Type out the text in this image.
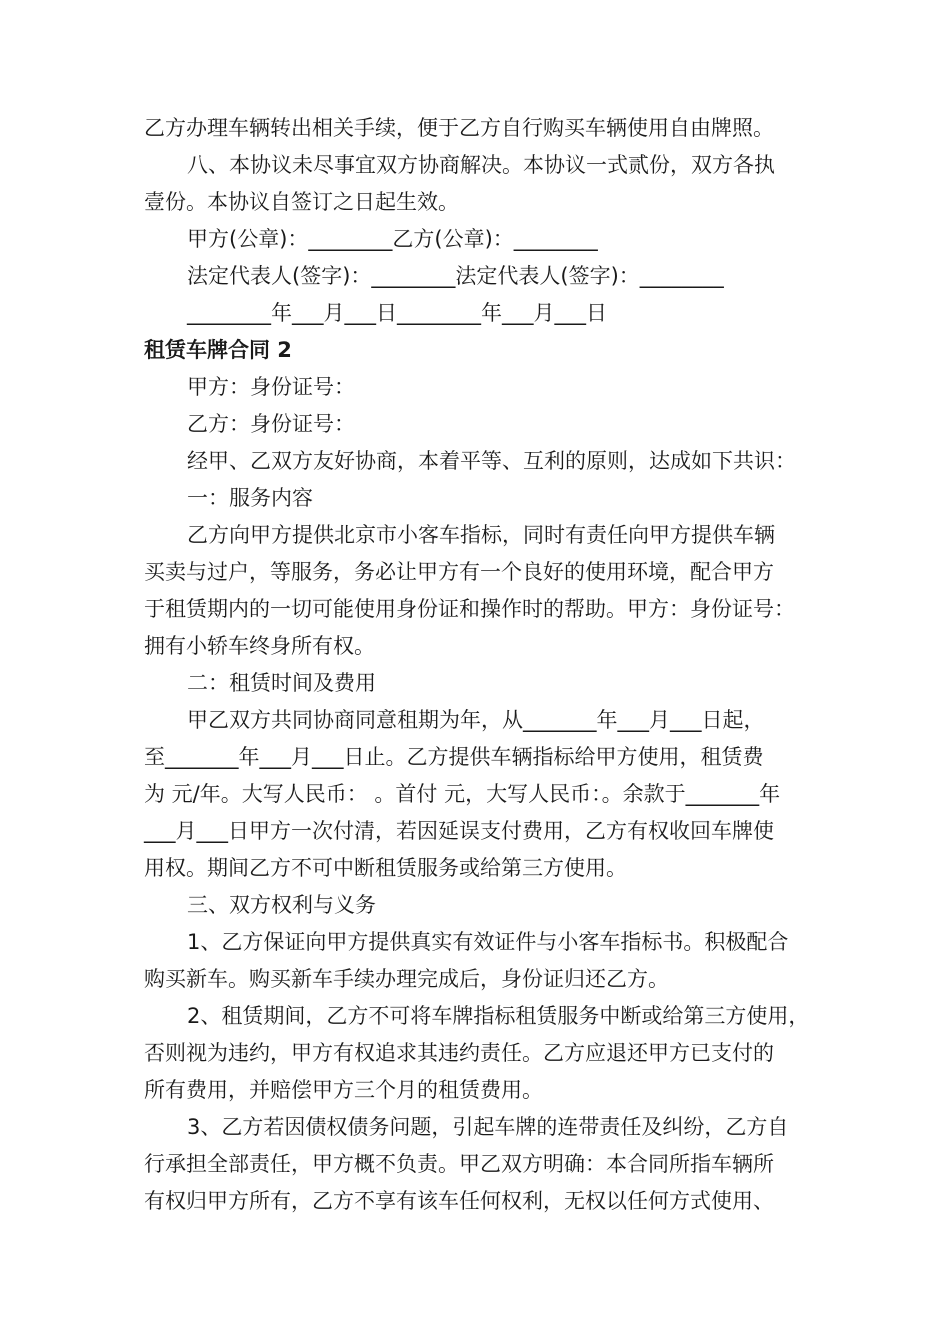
乙方办理车辆转出相关手续，便于乙方自行购买车辆使用自由牌照。
八、本协议未尽事宜双方协商解决。本协议一式贰份，双方各执
壹份。本协议自签订之日起生效。
甲方(公章)：________乙方(公章)：________
法定代表人(签字)：________法定代表人(签字)：________
________年___月___日________年___月___日
租赁车牌合同 2
甲方：身份证号：
乙方：身份证号：
经甲、乙双方友好协商，本着平等、互利的原则，达成如下共识：
一：服务内容
乙方向甲方提供北京市小客车指标，同时有责任向甲方提供车辆
买卖与过户，等服务，务必让甲方有一个良好的使用环境，配合甲方
于租赁期内的一切可能使用身份证和操作时的帮助。甲方：身份证号：
拥有小轿车终身所有权。
二：租赁时间及费用
甲乙双方共同协商同意租期为年，从_______年___月___日起，
至_______年___月___日止。乙方提供车辆指标给甲方使用，租赁费
为 元/年。大写人民币： 。首付 元，大写人民币：。余款于_______年
___月___日甲方一次付清，若因延误支付费用，乙方有权收回车牌使
用权。期间乙方不可中断租赁服务或给第三方使用。
三、双方权利与义务
1、乙方保证向甲方提供真实有效证件与小客车指标书。积极配合
购买新车。购买新车手续办理完成后，身份证归还乙方。
2、租赁期间，乙方不可将车牌指标租赁服务中断或给第三方使用，
否则视为违约，甲方有权追求其违约责任。乙方应退还甲方已支付的
所有费用，并赔偿甲方三个月的租赁费用。
3、乙方若因债权债务问题，引起车牌的连带责任及纠纷，乙方自
行承担全部责任，甲方概不负责。甲乙双方明确：本合同所指车辆所
有权归甲方所有，乙方不享有该车任何权利，无权以任何方式使用、
